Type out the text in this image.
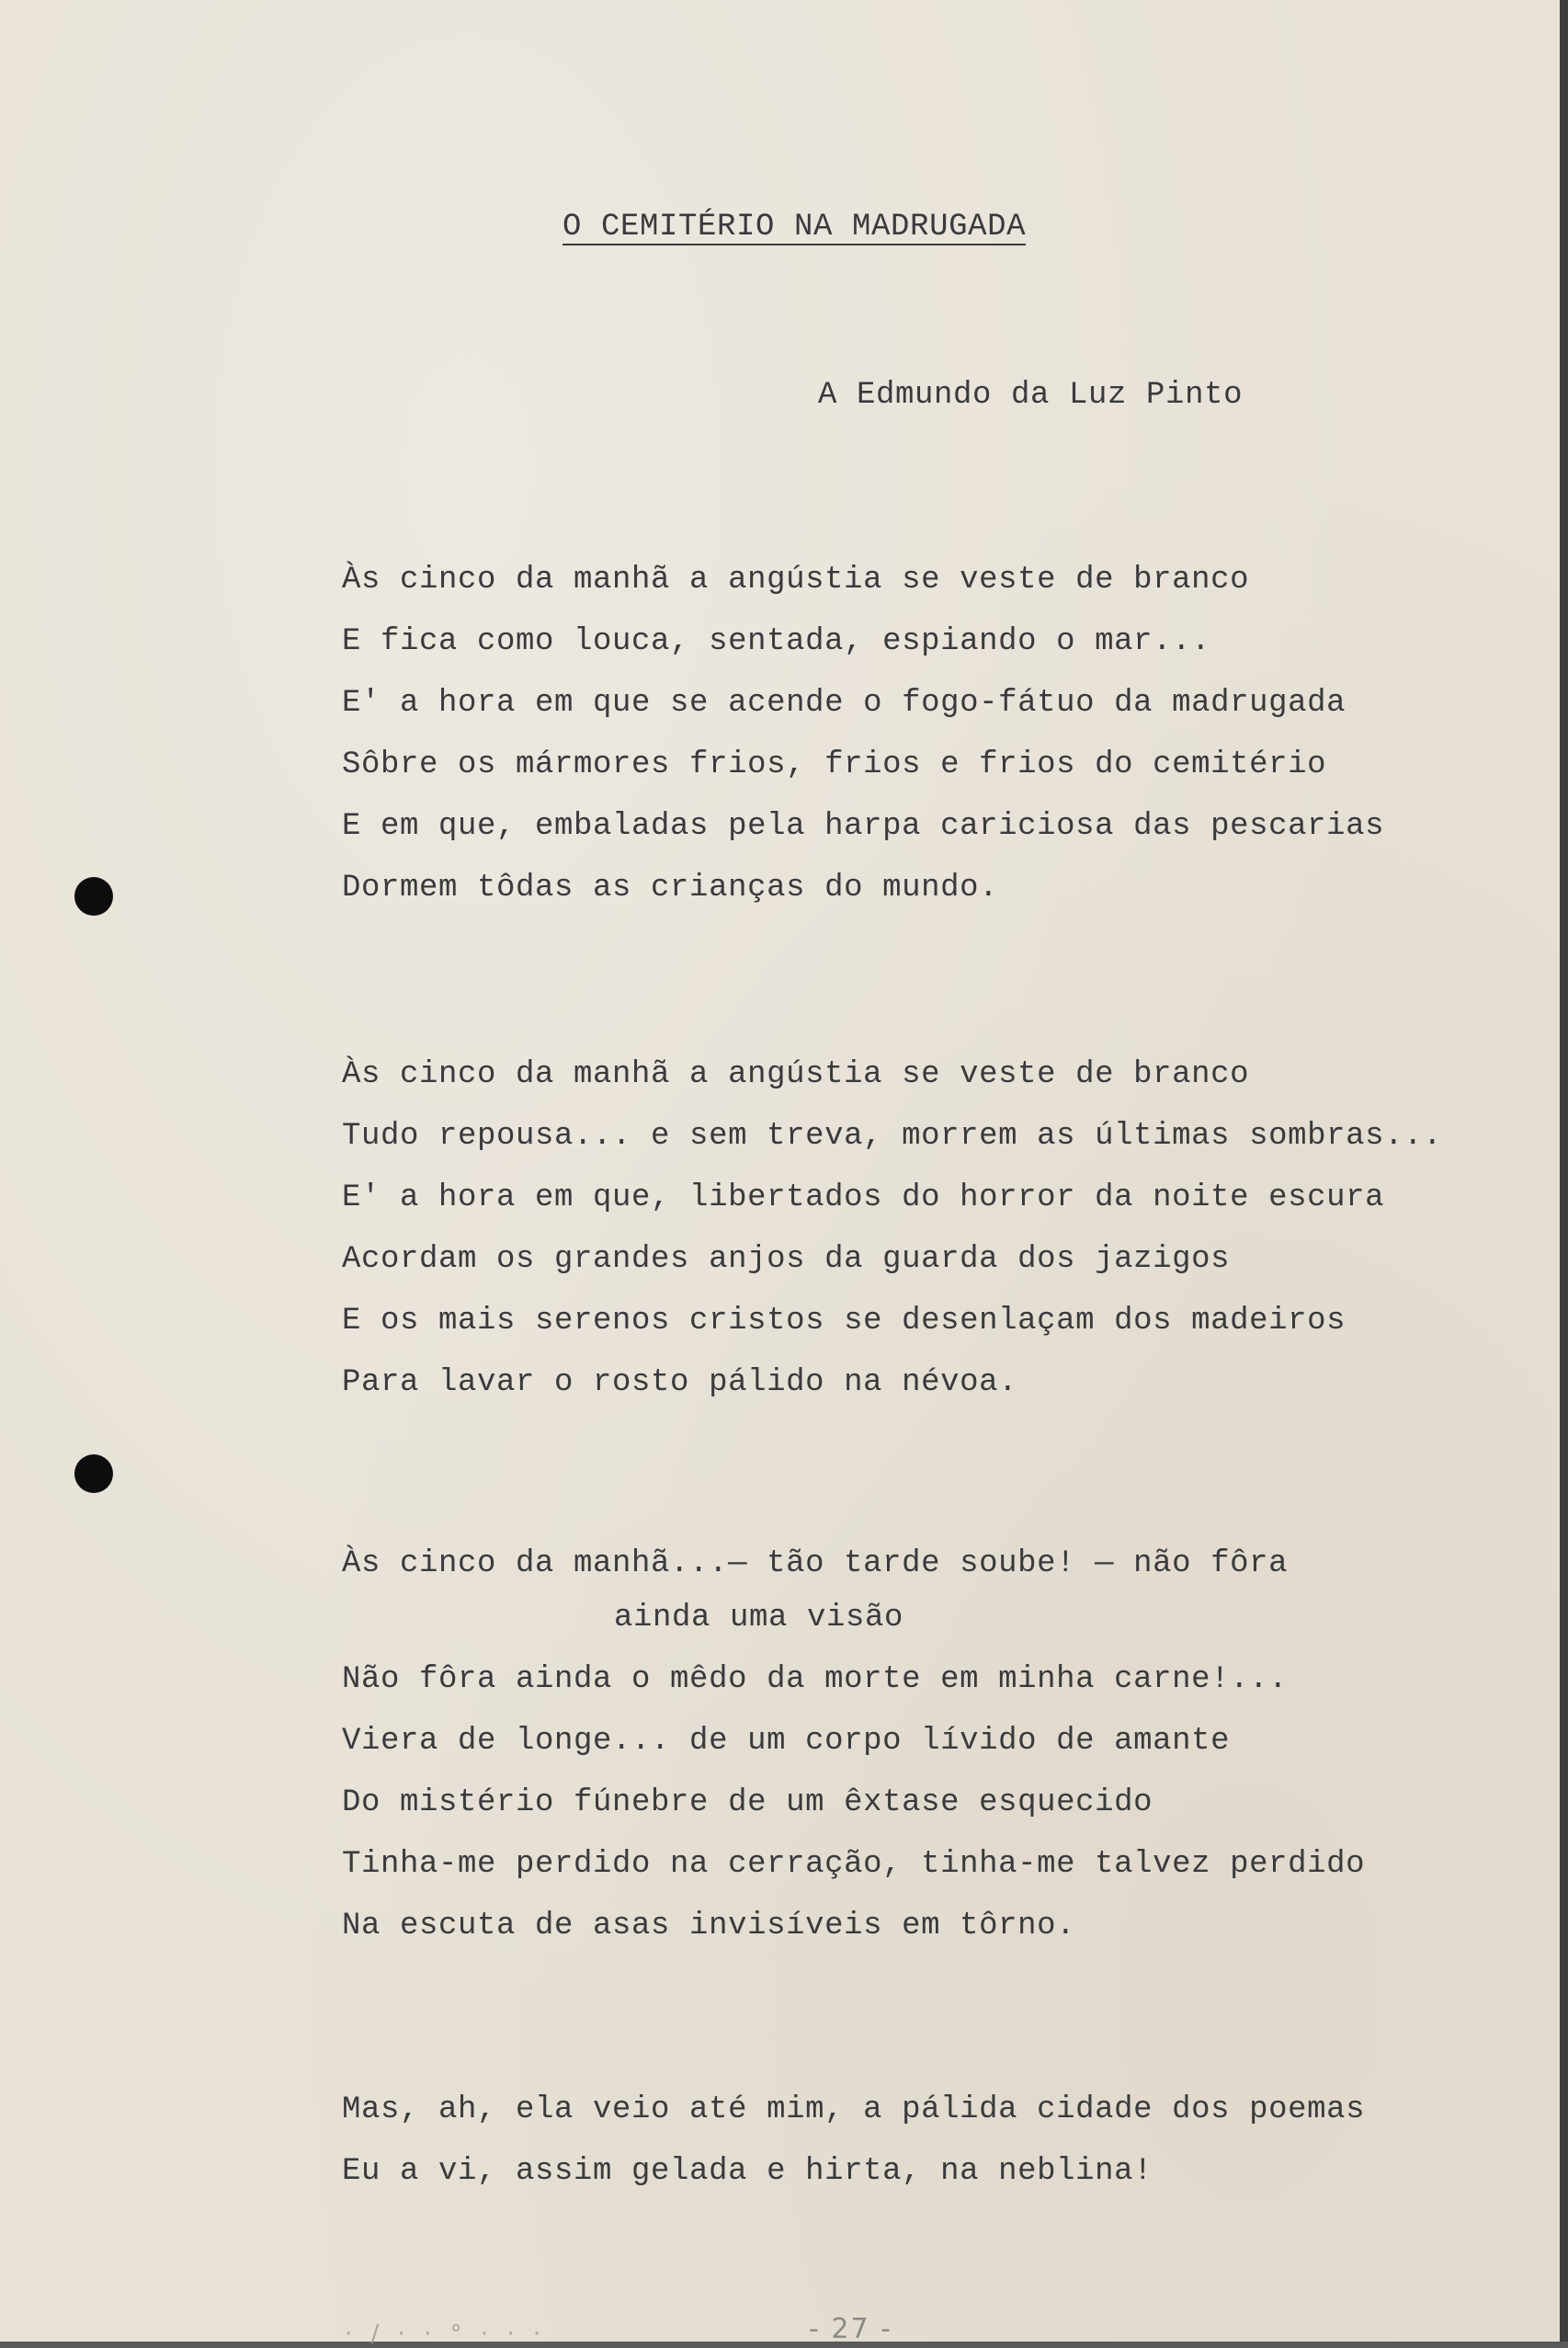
O CEMITÉRIO NA MADRUGADA
A Edmundo da Luz Pinto
Às cinco da manhã a angústia se veste de branco
E fica como louca, sentada, espiando o mar...
E' a hora em que se acende o fogo-fátuo da madrugada
Sôbre os mármores frios, frios e frios do cemitério
E em que, embaladas pela harpa cariciosa das pescarias
Dormem tôdas as crianças do mundo.
Às cinco da manhã a angústia se veste de branco
Tudo repousa... e sem treva, morrem as últimas sombras...
E' a hora em que, libertados do horror da noite escura
Acordam os grandes anjos da guarda dos jazigos
E os mais serenos cristos se desenlaçam dos madeiros
Para lavar o rosto pálido na névoa.
Às cinco da manhã...— tão tarde soube! — não fôra
ainda uma visão
Não fôra ainda o mêdo da morte em minha carne!...
Viera de longe... de um corpo lívido de amante
Do mistério fúnebre de um êxtase esquecido
Tinha-me perdido na cerração, tinha-me talvez perdido
Na escuta de asas invisíveis em tôrno.
Mas, ah, ela veio até mim, a pálida cidade dos poemas
Eu a vi, assim gelada e hirta, na neblina!
· / · · ° · · ·	- 27 -
